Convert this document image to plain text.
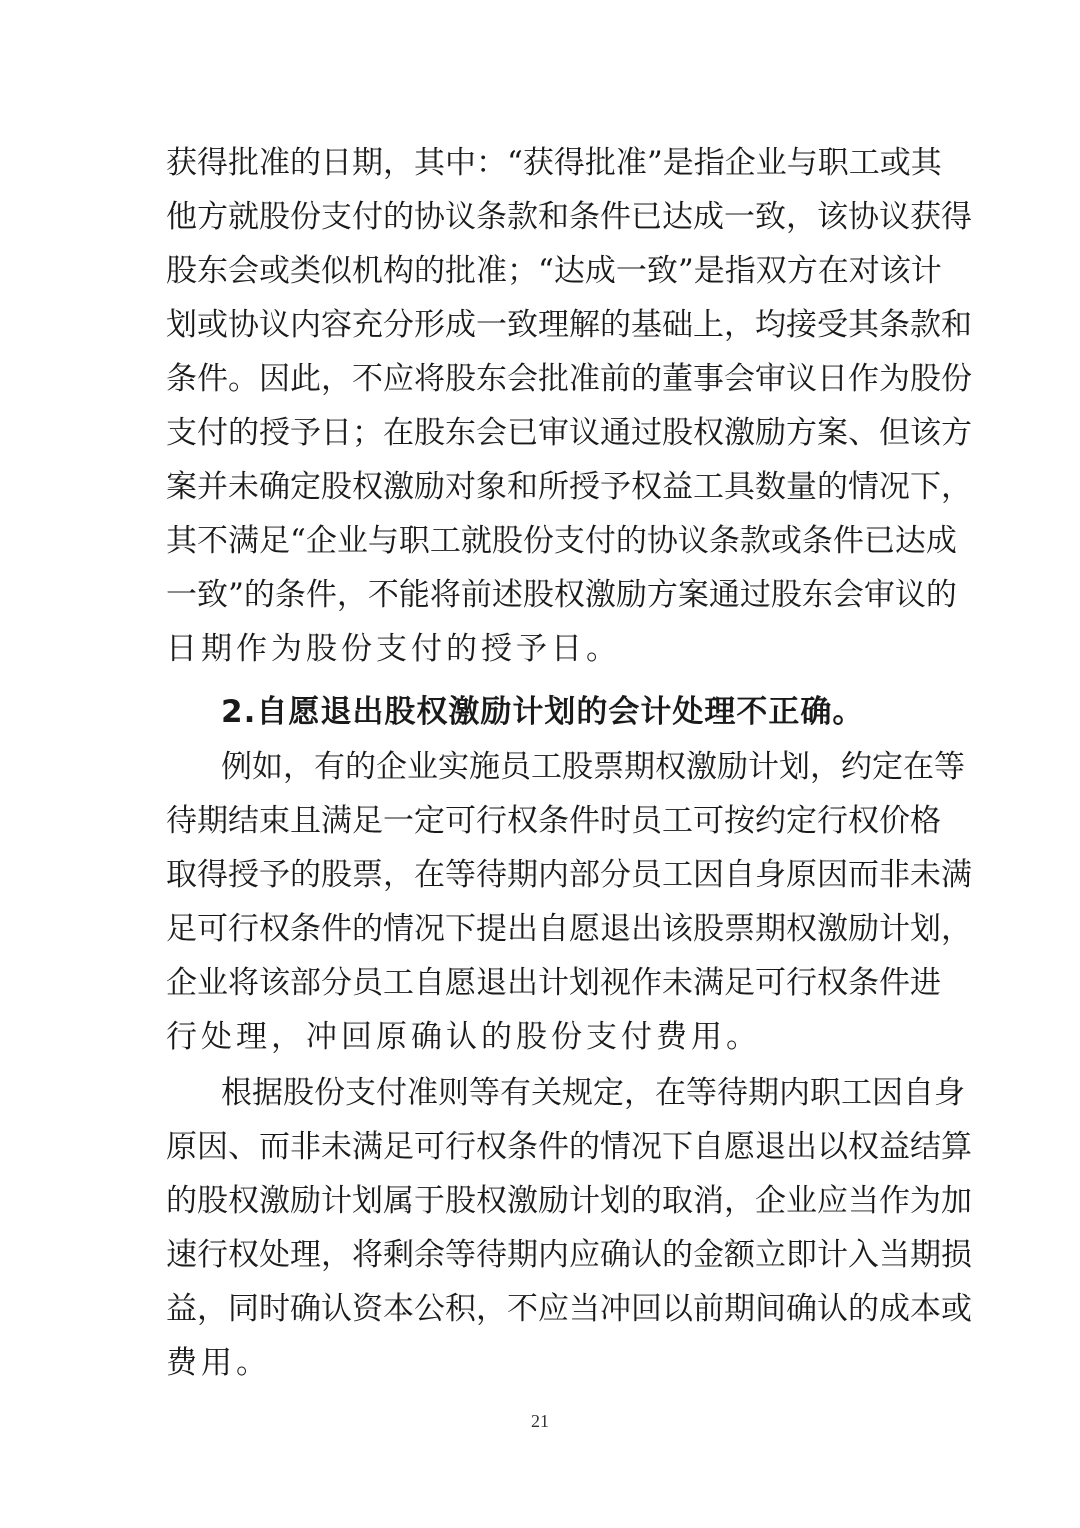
获得批准的日期，其中：“获得批准”是指企业与职工或其
他方就股份支付的协议条款和条件已达成一致，该协议获得
股东会或类似机构的批准；“达成一致”是指双方在对该计
划或协议内容充分形成一致理解的基础上，均接受其条款和
条件。因此，不应将股东会批准前的董事会审议日作为股份
支付的授予日；在股东会已审议通过股权激励方案、但该方
案并未确定股权激励对象和所授予权益工具数量的情况下，
其不满足“企业与职工就股份支付的协议条款或条件已达成
一致”的条件，不能将前述股权激励方案通过股东会审议的
日期作为股份支付的授予日。
2.自愿退出股权激励计划的会计处理不正确。
例如，有的企业实施员工股票期权激励计划，约定在等
待期结束且满足一定可行权条件时员工可按约定行权价格
取得授予的股票，在等待期内部分员工因自身原因而非未满
足可行权条件的情况下提出自愿退出该股票期权激励计划，
企业将该部分员工自愿退出计划视作未满足可行权条件进
行处理，冲回原确认的股份支付费用。
根据股份支付准则等有关规定，在等待期内职工因自身
原因、而非未满足可行权条件的情况下自愿退出以权益结算
的股权激励计划属于股权激励计划的取消，企业应当作为加
速行权处理，将剩余等待期内应确认的金额立即计入当期损
益，同时确认资本公积，不应当冲回以前期间确认的成本或
费用。
21
